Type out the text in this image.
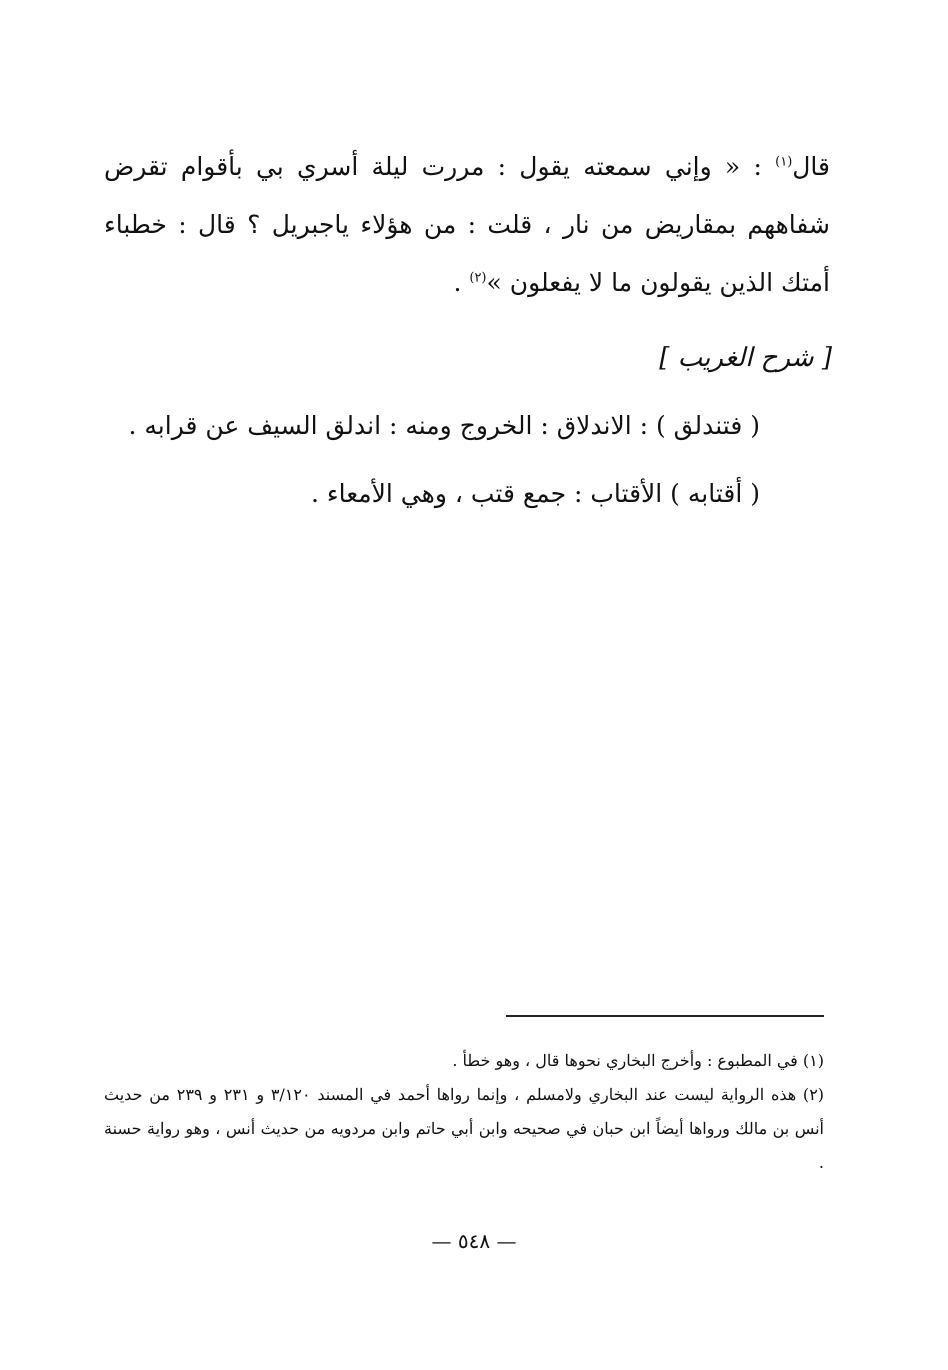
قال$^{(١)}$ : « وإني سمعته يقول : مررت ليلة أسري بي بأقوام تقرض شفاههم بمقاريض من نار ، قلت : من هؤلاء ياجبريل ؟ قال : خطباء أمتك الذين يقولون ما لا يفعلون »$^{(٢)}$ .

[ شرح الغريب ]

( فتندلق ) : الاندلاق : الخروج ومنه : اندلق السيف عن قرابه .

( أقتابه ) الأقتاب : جمع قتب ، وهي الأمعاء .

(١) في المطبوع : وأخرج البخاري نحوها قال ، وهو خطأ .

(٢) هذه الرواية ليست عند البخاري ولامسلم ، وإنما رواها أحمد في المسند ٣/١٢٠ و ٢٣١ و ٢٣٩ من حديث أنس بن مالك ورواها أيضاً ابن حبان في صحيحه وابن أبي حاتم وابن مردويه من حديث أنس ، وهو رواية حسنة .

— ٥٤٨ —
